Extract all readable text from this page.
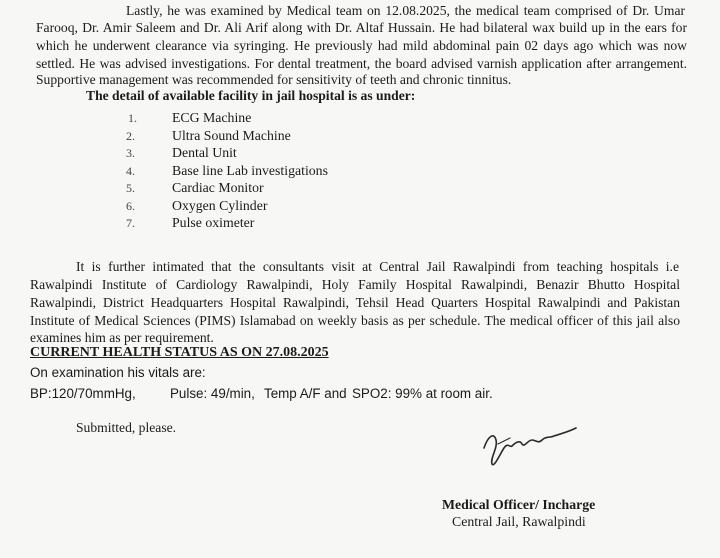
Lastly, he was examined by Medical team on 12.08.2025, the medical team comprised of Dr. Umar
Farooq, Dr. Amir Saleem and Dr. Ali Arif along with Dr. Altaf Hussain. He had bilateral wax build up in the ears for
which he underwent clearance via syringing. He previously had mild abdominal pain 02 days ago which was now
settled. He was advised investigations. For dental treatment, the board advised varnish application after arrangement.
Supportive management was recommended for sensitivity of teeth and chronic tinnitus.
The detail of available facility in jail hospital is as under:
1.	ECG Machine
2.	Ultra Sound Machine
3.	Dental Unit
4.	Base line Lab investigations
5.	Cardiac Monitor
6.	Oxygen Cylinder
7.	Pulse oximeter
It is further intimated that the consultants visit at Central Jail Rawalpindi from teaching hospitals i.e
Rawalpindi Institute of Cardiology Rawalpindi, Holy Family Hospital Rawalpindi, Benazir Bhutto Hospital
Rawalpindi, District Headquarters Hospital Rawalpindi, Tehsil Head Quarters Hospital Rawalpindi and Pakistan
Institute of Medical Sciences (PIMS) Islamabad on weekly basis as per schedule. The medical officer of this jail also
examines him as per requirement.
CURRENT HEALTH STATUS AS ON 27.08.2025
On examination his vitals are:
BP:120/70mmHg,	Pulse: 49/min, Temp A/F and SPO2: 99% at room air.
Submitted, please.
Medical Officer/ Incharge
Central Jail, Rawalpindi
